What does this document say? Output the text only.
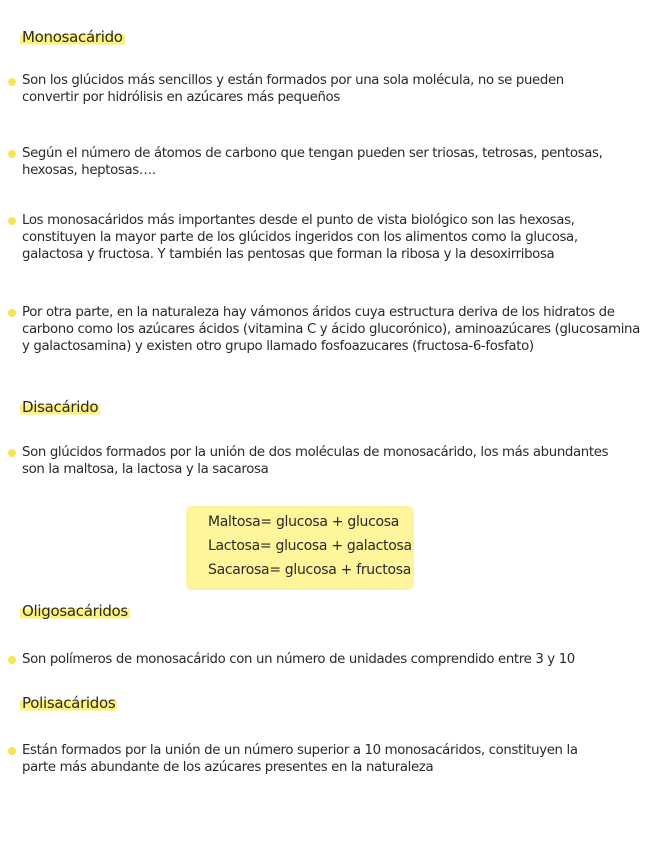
Monosacárido

Son los glúcidos más sencillos y están formados por una sola molécula, no se pueden convertir por hidrólisis en azúcares más pequeños

Según el número de átomos de carbono que tengan pueden ser triosas, tetrosas, pentosas, hexosas, heptosas….

Los monosacáridos más importantes desde el punto de vista biológico son las hexosas, constituyen la mayor parte de los glúcidos ingeridos con los alimentos como la glucosa, galactosa y fructosa. Y también las pentosas que forman la ribosa y la desoxirribosa

Por otra parte, en la naturaleza hay vámonos áridos cuya estructura deriva de los hidratos de carbono como los azúcares ácidos (vitamina C y ácido glucorónico), aminoazúcares (glucosamina y galactosamina) y existen otro grupo llamado fosfoazucares (fructosa-6-fosfato)

Disacárido

Son glúcidos formados por la unión de dos moléculas de monosacárido, los más abundantes son la maltosa, la lactosa y la sacarosa

Maltosa= glucosa + glucosa
Lactosa= glucosa + galactosa
Sacarosa= glucosa + fructosa
Oligosacáridos

Son polímeros de monosacárido con un número de unidades comprendido entre 3 y 10

Polisacáridos

Están formados por la unión de un número superior a 10 monosacáridos, constituyen la parte más abundante de los azúcares presentes en la naturaleza
